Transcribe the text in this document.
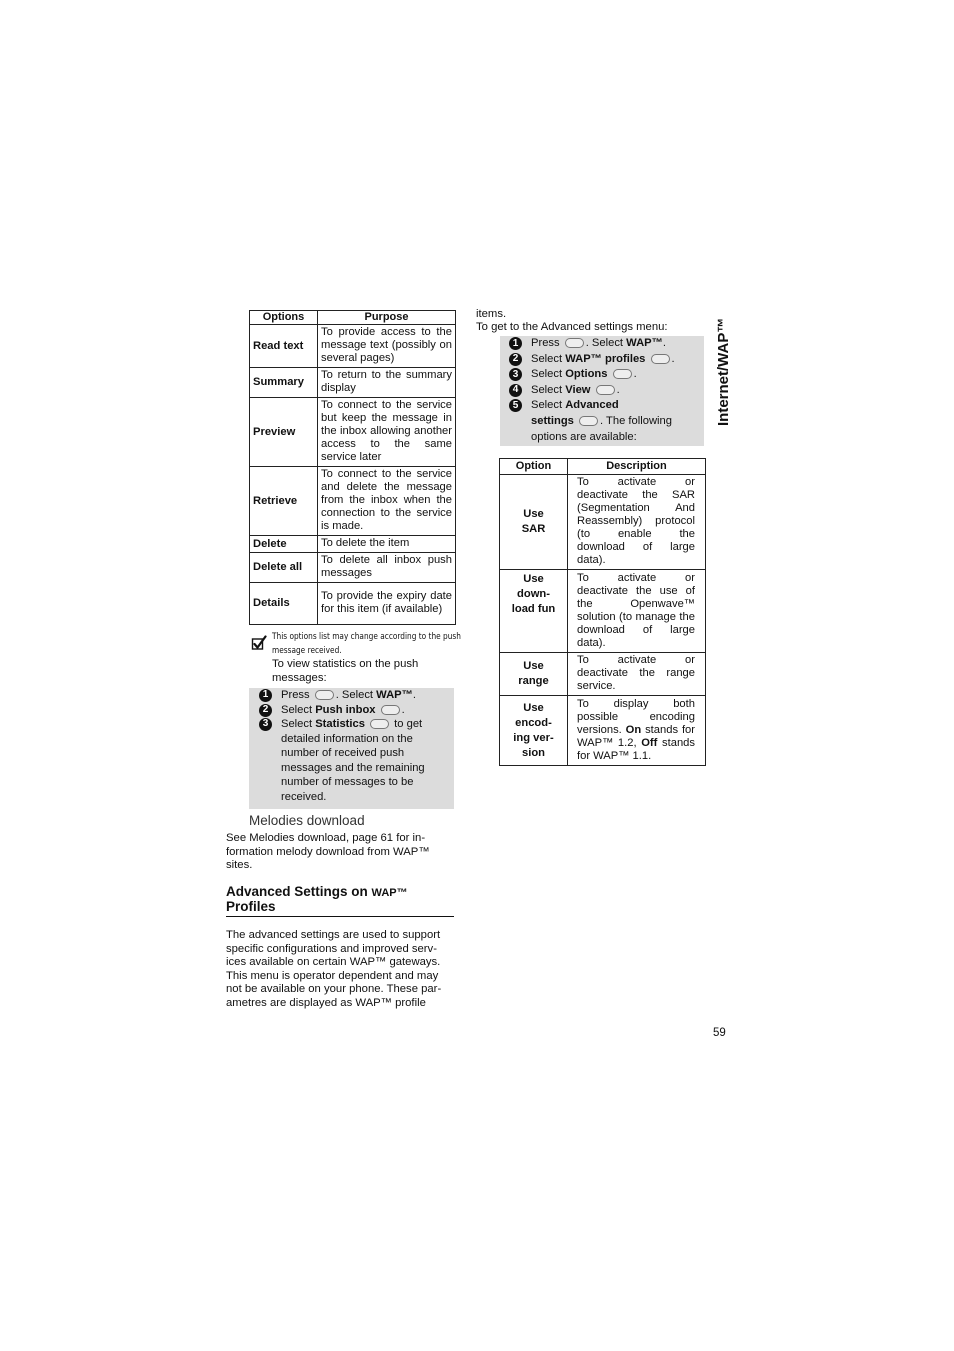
Options	Purpose
Read text	To provide access to the message text (possibly on several pages)
Summary	To return to the summary display
Preview	To connect to the service but keep the message in the inbox allowing another access to the same service later
Retrieve	To connect to the service and delete the message from the inbox when the connection to the service is made.
Delete	To delete the item
Delete all	To delete all inbox push messages
Details	To provide the expiry date for this item (if available)
This options list may change according to the push
message received.
To view statistics on the push
messages:
1	Press . Select WAP™.
2	Select Push inbox .
3	Select Statistics	to get
detailed information on the
number of received push
messages and the remaining
number of messages to be
received.
Melodies download
See Melodies download, page 61 for in-
formation melody download from WAP™
sites.
Advanced Settings on WAP™
Profiles
The advanced settings are used to support
specific configurations and improved serv-
ices available on certain WAP™ gateways.
This menu is operator dependent and may
not be available on your phone. These par-
ametres are displayed as WAP™ profile
items.
To get to the Advanced settings menu:
1	Press . Select WAP™.
2	Select WAP™ profiles .
3	Select Options .
4	Select View .
5	Select Advanced
settings . The following
options are available:
Option	Description
Use
SAR	To activate or deactivate the SAR (Segmentation And Reassembly) protocol (to enable the download of large data).
Use
down-
load fun	To activate or deactivate the use of the Openwave™ solution (to manage the download of large data).
Use
range	To activate or deactivate the range service.
Use
encod-
ing ver-
sion	To display both possible encoding versions. On stands for WAP™ 1.2, Off stands for WAP™ 1.1.
Internet/WAP™
59
